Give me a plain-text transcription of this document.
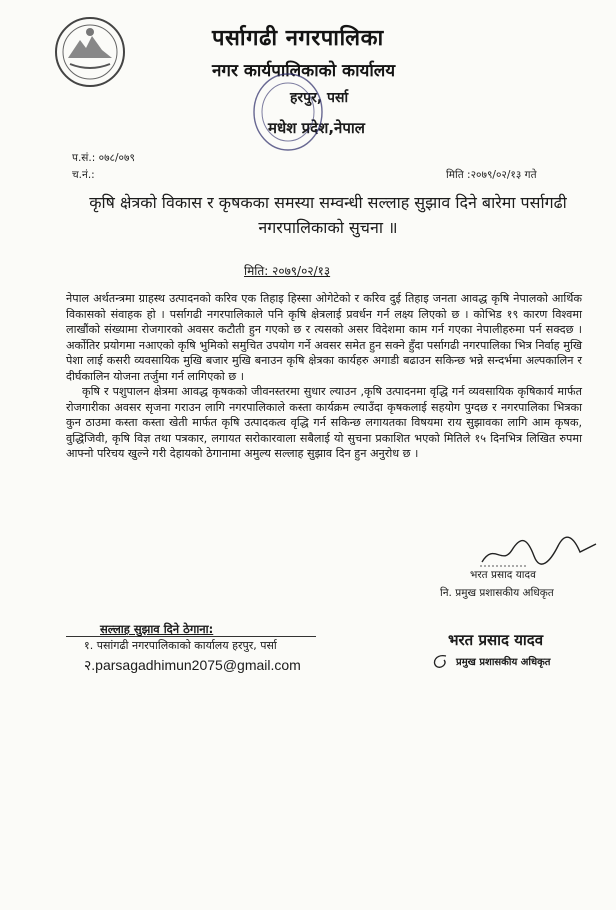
पर्सागढी नगरपालिका
नगर कार्यपालिकाको कार्यालय
हरपुर, पर्सा
मधेश प्रदेश,नेपाल
प.सं.: ०७८/०७९
च.नं.:	मिति :२०७९/०२/१३ गते
कृषि क्षेत्रको विकास र कृषकका समस्या सम्वन्धी सल्लाह सुझाव दिने बारेमा पर्सागढी नगरपालिकाको सुचना ॥
मिति: २०७९/०२/१३

नेपाल अर्थतन्त्रमा ग्राहस्थ उत्पादनको करिव एक तिहाइ हिस्सा ओगेटेको र करिव दुई तिहाइ जनता आवद्ध कृषि नेपालको आर्थिक विकासको संवाहक हो । पर्सागढी नगरपालिकाले पनि कृषि क्षेत्रलाई प्रवर्धन गर्न लक्ष्य लिएको छ । कोभिड १९ कारण विश्वमा लाखौंको संख्यामा रोजगारको अवसर कटौती हुन गएको छ र त्यसको असर विदेशमा काम गर्न गएका नेपालीहरुमा पर्न सक्दछ । अर्कोतिर प्रयोगमा नआएको कृषि भुमिको समुचित उपयोग गर्ने अवसर समेत हुन सक्ने हुँदा पर्सागढी नगरपालिका भित्र निर्वाह मुखि पेशा लाई कसरी व्यवसायिक मुखि बजार मुखि बनाउन कृषि क्षेत्रका कार्यहरु अगाडी बढाउन सकिन्छ भन्ने सन्दर्भमा अल्पकालिन र दीर्घकालिन योजना तर्जुमा गर्न लागिएको छ ।

कृषि र पशुपालन क्षेत्रमा आवद्ध कृषकको जीवनस्तरमा सुधार ल्याउन ,कृषि उत्पादनमा वृद्धि गर्न व्यवसायिक कृषिकार्य मार्फत रोजगारीका अवसर सृजना गराउन लागि नगरपालिकाले कस्ता कार्यक्रम ल्याउँदा कृषकलाई सहयोग पुग्दछ र नगरपालिका भित्रका कुन ठाउमा कस्ता कस्ता खेती मार्फत कृषि उत्पादकत्व वृद्धि गर्न सकिन्छ लगायतका विषयमा राय सुझावका लागि आम कृषक, वुद्धिजिवी, कृषि विज्ञ तथा पत्रकार, लगायत सरोकारवाला सबैलाई यो सुचना प्रकाशित भएको मितिले १५ दिनभित्र लिखित रुपमा आफ्नो परिचय खुल्ने गरी देहायको ठेगानामा अमुल्य सल्लाह सुझाव दिन हुन अनुरोध छ ।

भरत प्रसाद यादव
नि. प्रमुख प्रशासकीय अधिकृत
सल्लाह सुझाव दिने ठेगाना:
१. पसांगढी नगरपालिकाको कार्यालय हरपुर, पर्सा
२.parsagadhimun2075@gmail.com
भरत प्रसाद यादव
प्रमुख प्रशासकीय अधिकृत
